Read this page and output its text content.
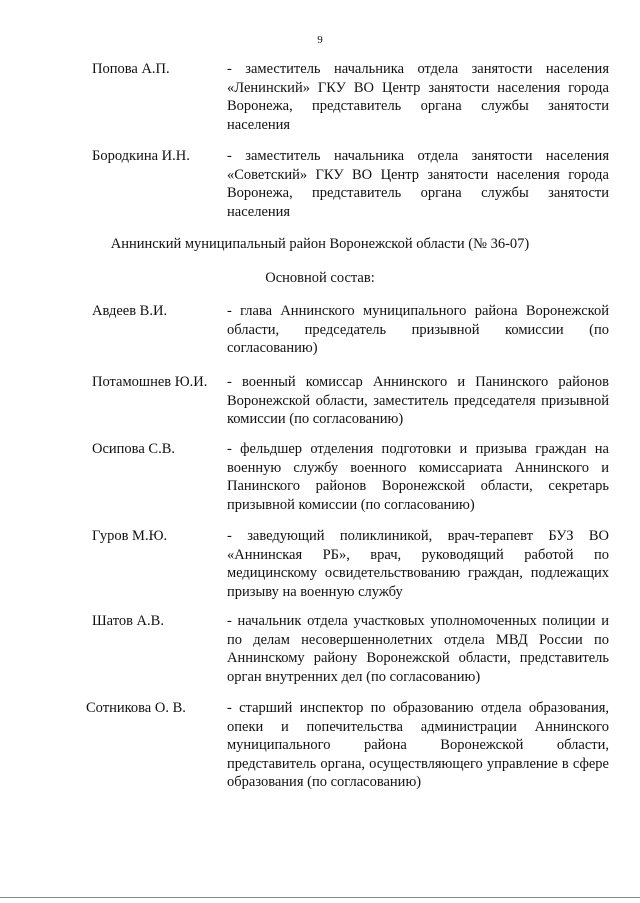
9
Попова А.П.	- заместитель начальника отдела занятости населения «Ленинский» ГКУ ВО Центр занятости населения города Воронежа, представитель органа службы занятости населения
Бородкина И.Н.	- заместитель начальника отдела занятости населения «Советский» ГКУ ВО Центр занятости населения города Воронежа, представитель органа службы занятости населения
Аннинский муниципальный район Воронежской области (№ 36-07)
Основной состав:
Авдеев В.И.	- глава Аннинского муниципального района Воронежской области, председатель призывной комиссии (по согласованию)
Потамошнев Ю.И. - военный комиссар Аннинского и Панинского районов Воронежской области, заместитель председателя призывной комиссии (по согласованию)
Осипова С.В.	- фельдшер отделения подготовки и призыва граждан на военную службу военного комиссариата Аннинского и Панинского районов Воронежской области, секретарь призывной комиссии (по согласованию)
Гуров М.Ю.	- заведующий поликлиникой, врач-терапевт БУЗ ВО «Аннинская РБ», врач, руководящий работой по медицинскому освидетельствованию граждан, подлежащих призыву на военную службу
Шатов А.В.	- начальник отдела участковых уполномоченных полиции и по делам несовершеннолетних отдела МВД России по Аннинскому району Воронежской области, представитель орган внутренних дел (по согласованию)
Сотникова О. В.	- старший инспектор по образованию отдела образования, опеки и попечительства администрации Аннинского муниципального района Воронежской области, представитель органа, осуществляющего управление в сфере образования (по согласованию)
